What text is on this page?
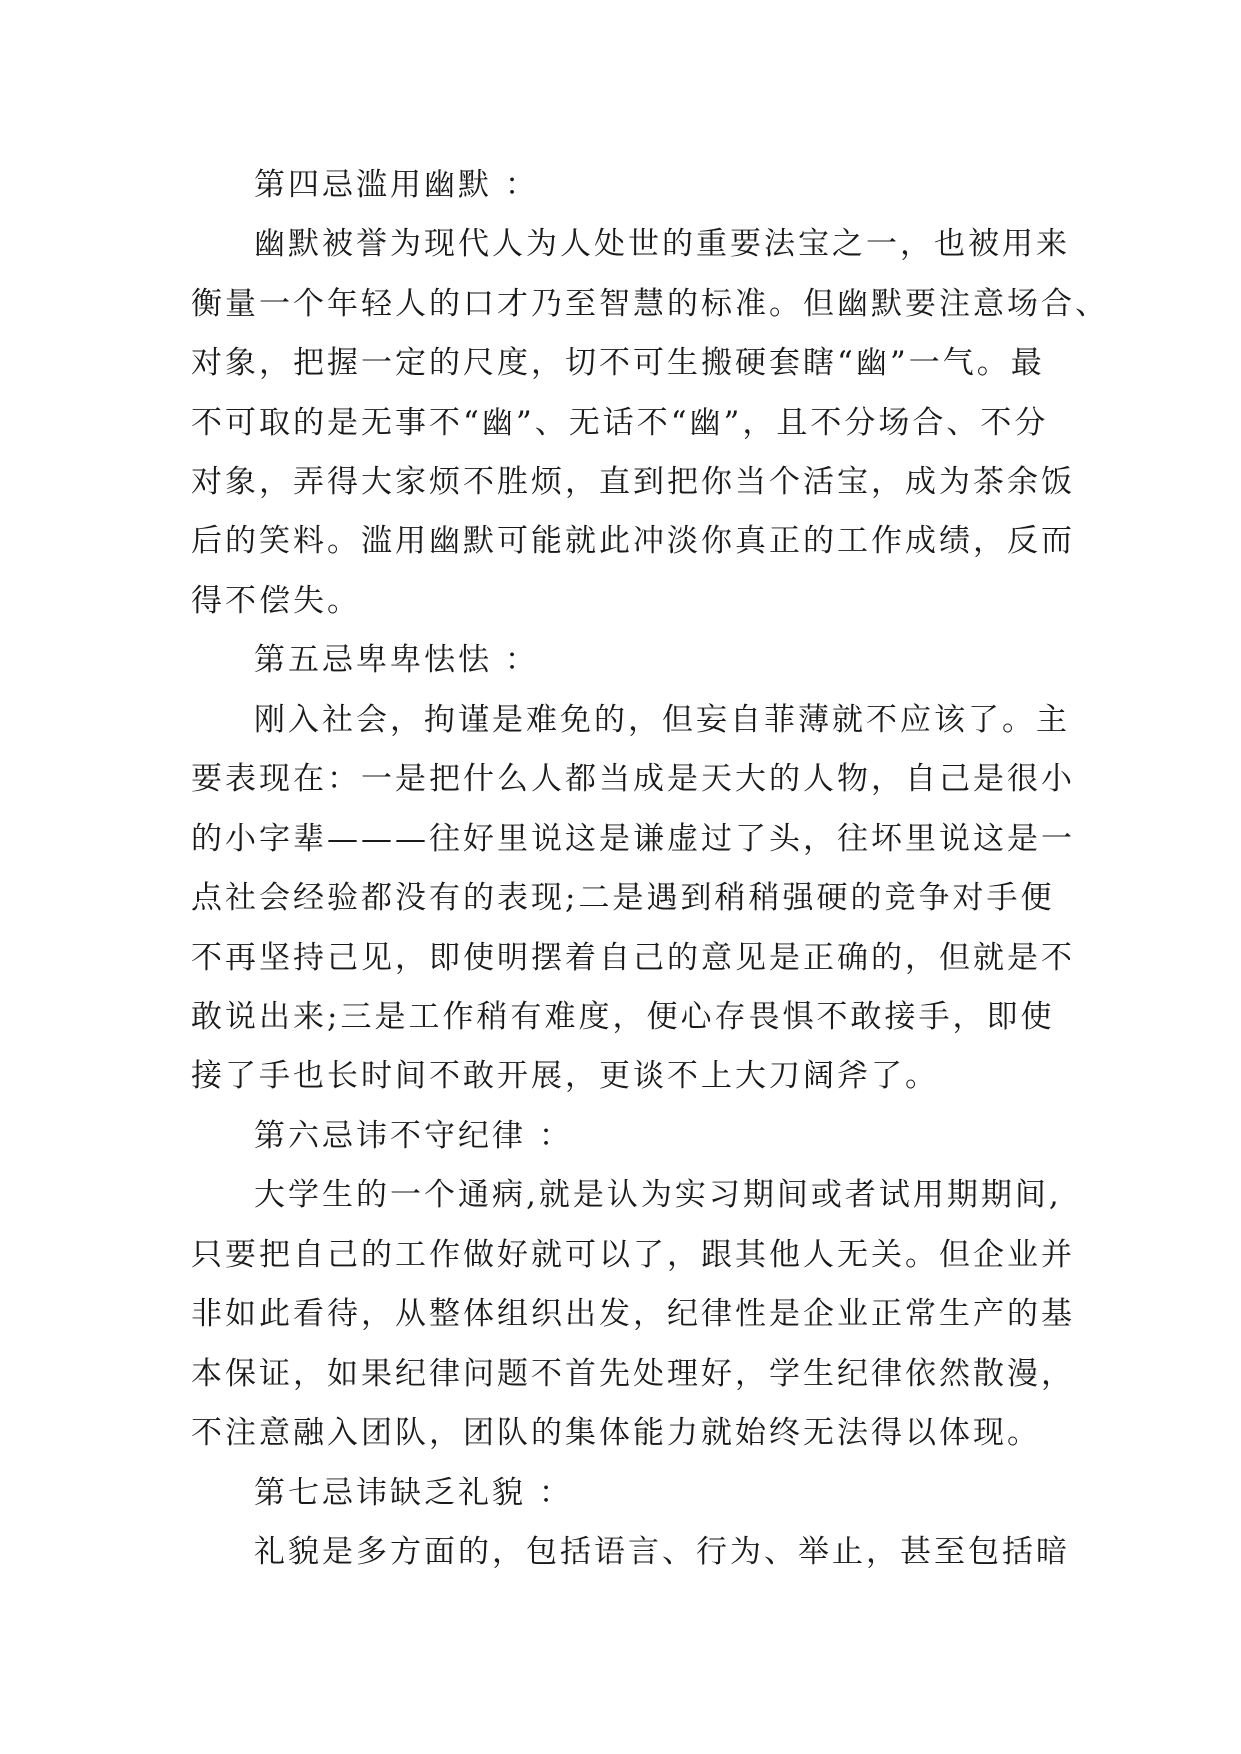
第四忌滥用幽默 ：
幽默被誉为现代人为人处世的重要法宝之一，也被用来
衡量一个年轻人的口才乃至智慧的标准。但幽默要注意场合、
对象，把握一定的尺度，切不可生搬硬套瞎“幽”一气。最
不可取的是无事不“幽”、无话不“幽”，且不分场合、不分
对象，弄得大家烦不胜烦，直到把你当个活宝，成为茶余饭
后的笑料。滥用幽默可能就此冲淡你真正的工作成绩，反而
得不偿失。
第五忌卑卑怯怯 ：
刚入社会，拘谨是难免的，但妄自菲薄就不应该了。主
要表现在：一是把什么人都当成是天大的人物，自己是很小
的小字辈———往好里说这是谦虚过了头，往坏里说这是一
点社会经验都没有的表现;二是遇到稍稍强硬的竞争对手便
不再坚持己见，即使明摆着自己的意见是正确的，但就是不
敢说出来;三是工作稍有难度，便心存畏惧不敢接手，即使
接了手也长时间不敢开展，更谈不上大刀阔斧了。
第六忌讳不守纪律 ：
大学生的一个通病,就是认为实习期间或者试用期期间,
只要把自己的工作做好就可以了，跟其他人无关。但企业并
非如此看待，从整体组织出发，纪律性是企业正常生产的基
本保证，如果纪律问题不首先处理好，学生纪律依然散漫，
不注意融入团队，团队的集体能力就始终无法得以体现。
第七忌讳缺乏礼貌 ：
礼貌是多方面的，包括语言、行为、举止，甚至包括暗
